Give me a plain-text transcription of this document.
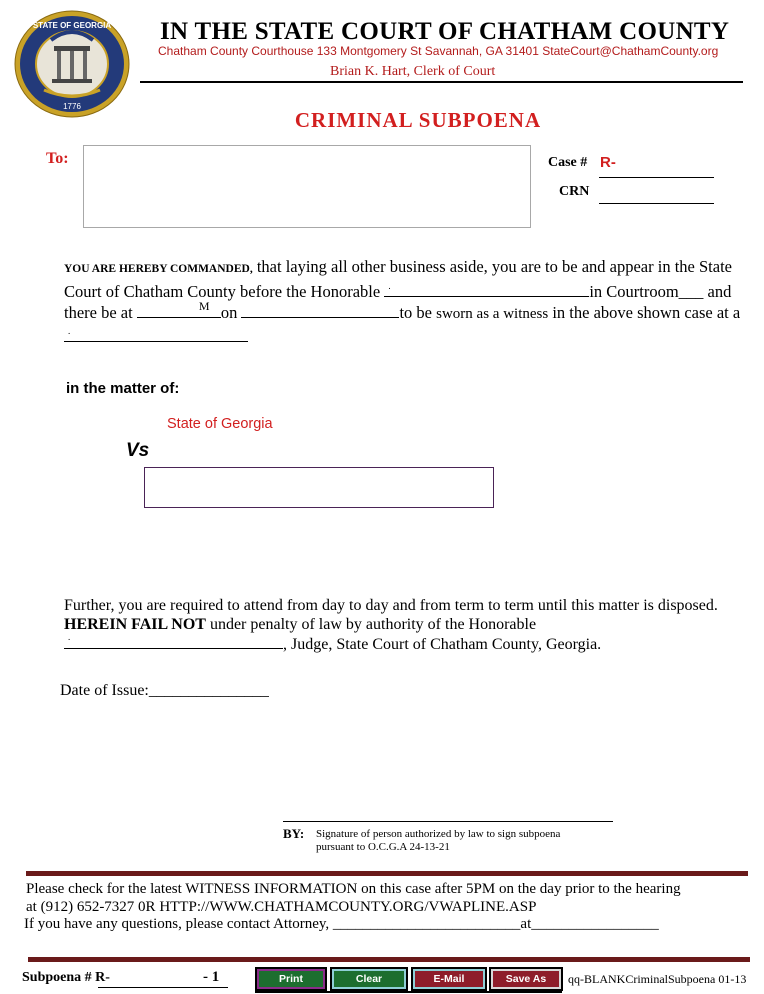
STATE OF GEORGIA
1776
IN THE STATE COURT OF CHATHAM COUNTY
Chatham County Courthouse 133 Montgomery St Savannah, GA 31401 StateCourt@ChathamCounty.org
Brian K. Hart, Clerk of Court
CRIMINAL SUBPOENA
To:	Case # R-
CRN
YOU ARE HEREBY COMMANDED, that laying all other business aside, you are to be and appear in the State Court of Chatham County before the Honorable .	in Courtroom___ and there be at	M on	to be sworn as a witness in the above shown case at a
.
in the matter of:
State of Georgia
Vs
Further, you are required to attend from day to day and from term to term until this matter is disposed. HEREIN FAIL NOT under penalty of law by authority of the Honorable
.	, Judge, State Court of Chatham County, Georgia.
Date of Issue:_______________
BY: Signature of person authorized by law to sign subpoena
pursuant to O.C.G.A 24-13-21
Please check for the latest WITNESS INFORMATION on this case after 5PM on the day prior to the hearing
at (912) 652-7327 0R HTTP://WWW.CHATHAMCOUNTY.ORG/VWAPLINE.ASP
If you have any questions, please contact Attorney, _________________________at_________________
Subpoena # R-	- 1	Print	Clear	E-Mail	Save As	qq-BLANKCriminalSubpoena 01-13
